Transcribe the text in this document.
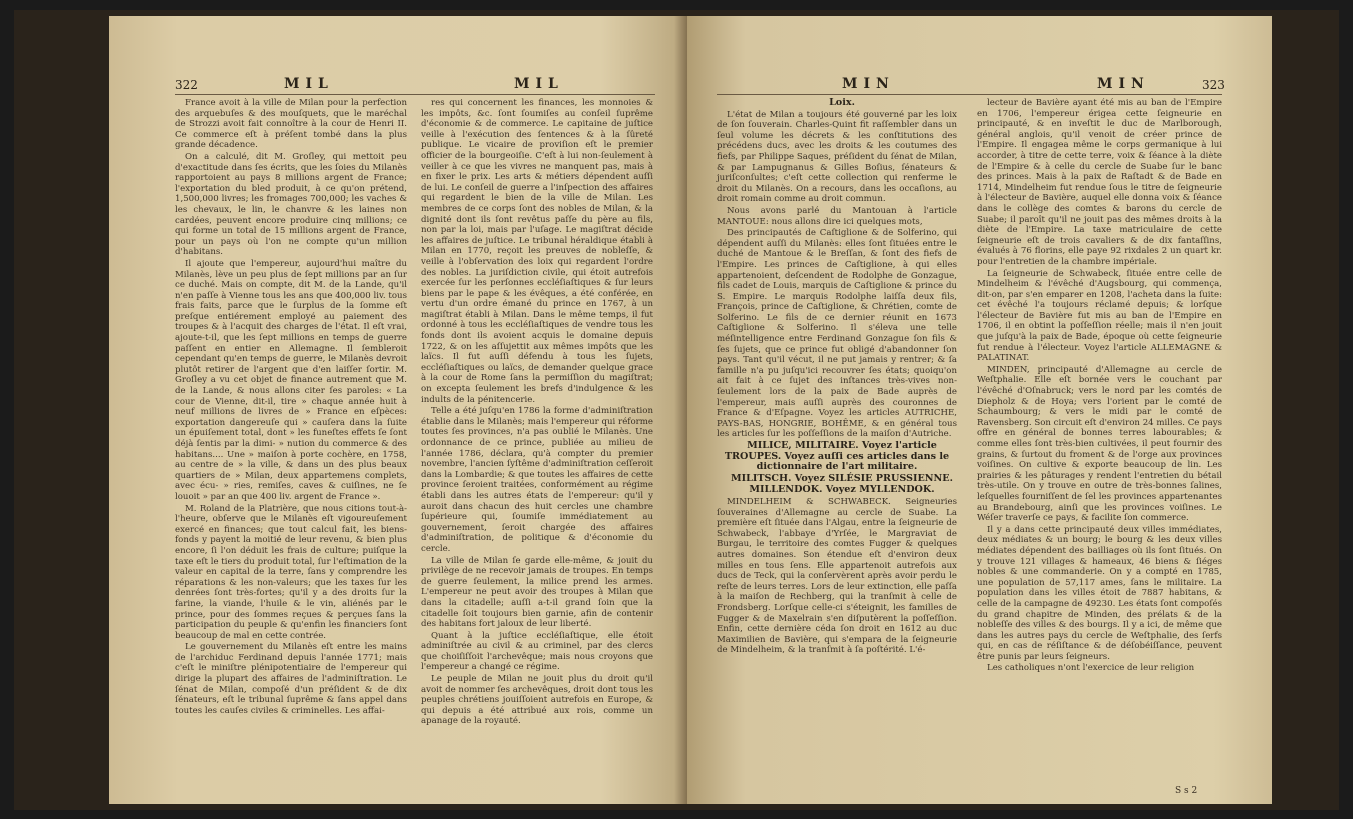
322	MIL	MIL

France avoit à la ville de Milan pour la perfection des arquebuſes & des mouſquets, que le maréchal de Strozzi avoit fait connoître à la cour de Henri II. Ce commerce eſt à préſent tombé dans la plus grande décadence.

On a calculé, dit M. Groſley, qui mettoit peu d'exactitude dans ſes écrits, que les ſoies du Milanès rapportoient au pays 8 millions argent de France; l'exportation du bled produit, à ce qu'on prétend, 1,500,000 livres; les fromages 700,000; les vaches & les chevaux, le lin, le chanvre & les laines non cardées, peuvent encore produire cinq millions; ce qui forme un total de 15 millions argent de France, pour un pays où l'on ne compte qu'un million d'habitans.

Il ajoute que l'empereur, aujourd'hui maître du Milanès, lève un peu plus de ſept millions par an ſur ce duché. Mais on compte, dit M. de la Lande, qu'il n'en paſſe à Vienne tous les ans que 400,000 liv. tous frais faits, parce que le ſurplus de la ſomme eſt preſque entiérement employé au paiement des troupes & à l'acquit des charges de l'état. Il eſt vrai, ajoute-t-il, que les ſept millions en temps de guerre paſſent en entier en Allemagne. Il ſembleroit cependant qu'en temps de guerre, le Milanès devroit plutôt retirer de l'argent que d'en laiſſer ſortir. M. Groſley a vu cet objet de finance autrement que M. de la Lande, & nous allons citer ſes paroles: « La cour de Vienne, dit-il, tire » chaque année huit à neuf millions de livres de » France en eſpèces: exportation dangereuſe qui » cauſera dans la ſuite un épuiſement total, dont » les funeſtes effets ſe ſont déjà ſentis par la dimi- » nution du commerce & des habitans.... Une » maiſon à porte cochère, en 1758, au centre de » la ville, & dans un des plus beaux quartiers de » Milan, deux appartemens complets, avec écu- » ries, remiſes, caves & cuiſines, ne ſe louoit » par an que 400 liv. argent de France ».

M. Roland de la Platrière, que nous citions tout-à-l'heure, obſerve que le Milanès eſt vigoureuſement exercé en finances; que tout calcul fait, les biens-fonds y payent la moitié de leur revenu, & bien plus encore, ſi l'on déduit les frais de culture; puiſque la taxe eſt le tiers du produit total, ſur l'eſtimation de la valeur en capital de la terre, ſans y comprendre les réparations & les non-valeurs; que les taxes ſur les denrées ſont très-fortes; qu'il y a des droits ſur la farine, la viande, l'huile & le vin, aliénés par le prince, pour des ſommes reçues & perçues ſans la participation du peuple & qu'enfin les financiers ſont beaucoup de mal en cette contrée.

Le gouvernement du Milanès eſt entre les mains de l'archiduc Ferdinand depuis l'année 1771; mais c'eſt le miniſtre plénipotentiaire de l'empereur qui dirige la plupart des affaires de l'adminiſtration. Le ſénat de Milan, compoſé d'un préſident & de dix ſénateurs, eſt le tribunal ſuprême & ſans appel dans toutes les cauſes civiles & criminelles. Les affai-

res qui concernent les finances, les monnoies & les impôts, &c. ſont ſoumiſes au conſeil ſuprême d'économie & de commerce. Le capitaine de juſtice veille à l'exécution des ſentences & à la ſûreté publique. Le vicaire de proviſion eſt le premier officier de la bourgeoiſie. C'eſt à lui non-ſeulement à veiller à ce que les vivres ne manquent pas, mais à en fixer le prix. Les arts & métiers dépendent auſſi de lui. Le conſeil de guerre a l'inſpection des affaires qui regardent le bien de la ville de Milan. Les membres de ce corps ſont des nobles de Milan, & la dignité dont ils ſont revêtus paſſe du père au fils, non par la loi, mais par l'uſage. Le magiſtrat décide les affaires de juſtice. Le tribunal héraldique établi à Milan en 1770, reçoit les preuves de nobleſſe, & veille à l'obſervation des loix qui regardent l'ordre des nobles. La juriſdiction civile, qui étoit autrefois exercée ſur les perſonnes eccléſiaſtiques & ſur leurs biens par le pape & les évêques, a été conférée, en vertu d'un ordre émané du prince en 1767, à un magiſtrat établi à Milan. Dans le même temps, il fut ordonné à tous les eccléſiaſtiques de vendre tous les fonds dont ils avoient acquis le domaine depuis 1722, & on les aſſujettit aux mêmes impôts que les laïcs. Il fut auſſi défendu à tous les ſujets, eccléſiaſtiques ou laïcs, de demander quelque grace à la cour de Rome ſans la permiſſion du magiſtrat; on excepta ſeulement les brefs d'indulgence & les indults de la pénitencerie.

Telle a été juſqu'en 1786 la forme d'adminiſtration établie dans le Milanès; mais l'empereur qui réforme toutes ſes provinces, n'a pas oublié le Milanès. Une ordonnance de ce prince, publiée au milieu de l'année 1786, déclara, qu'à compter du premier novembre, l'ancien ſyſtême d'adminiſtration ceſſeroit dans la Lombardie; & que toutes les affaires de cette province ſeroient traitées, conformément au régime établi dans les autres états de l'empereur: qu'il y auroit dans chacun des huit cercles une chambre ſupérieure qui, ſoumiſe immédiatement au gouvernement, ſeroit chargée des affaires d'adminiſtration, de politique & d'économie du cercle.

La ville de Milan ſe garde elle-même, & jouit du privilège de ne recevoir jamais de troupes. En temps de guerre ſeulement, la milice prend les armes. L'empereur ne peut avoir des troupes à Milan que dans la citadelle; auſſi a-t-il grand ſoin que la citadelle ſoit toujours bien garnie, afin de contenir des habitans fort jaloux de leur liberté.

Quant à la juſtice eccléſiaſtique, elle étoit adminiſtrée au civil & au criminel, par des clercs que choiſiſſoit l'archevêque; mais nous croyons que l'empereur a changé ce régime.

Le peuple de Milan ne jouit plus du droit qu'il avoit de nommer ſes archevêques, droit dont tous les peuples chrétiens jouiſſoient autrefois en Europe, & qui depuis a été attribué aux rois, comme un apanage de la royauté.

MIN	MIN	323

Loix.

L'état de Milan a toujours été gouverné par les loix de ſon ſouverain. Charles-Quint fit raſſembler dans un ſeul volume les décrets & les conſtitutions des précédens ducs, avec les droits & les coutumes des fiefs, par Philippe Saques, préſident du ſénat de Milan, & par Lampugnanus & Gilles Boſius, ſénateurs & juriſconſultes; c'eſt cette collection qui renferme le droit du Milanès. On a recours, dans les occaſions, au droit romain comme au droit commun.

Nous avons parlé du Mantouan à l'article MANTOUE: nous allons dire ici quelques mots,

Des principautés de Caſtiglione & de Solferino, qui dépendent auſſi du Milanès: elles ſont ſituées entre le duché de Mantoue & le Breſſan, & ſont des fiefs de l'Empire. Les princes de Caſtiglione, à qui elles appartenoient, deſcendent de Rodolphe de Gonzague, fils cadet de Louis, marquis de Caſtiglione & prince du S. Empire. Le marquis Rodolphe laiſſa deux fils, François, prince de Caſtiglione, & Chrétien, comte de Solferino. Le fils de ce dernier réunit en 1673 Caſtiglione & Solferino. Il s'éleva une telle méſintelligence entre Ferdinand Gonzague ſon fils & ſes ſujets, que ce prince fut obligé d'abandonner ſon pays. Tant qu'il vécut, il ne put jamais y rentrer; & ſa famille n'a pu juſqu'ici recouvrer ſes états; quoiqu'on ait fait à ce ſujet des inſtances très-vives non-ſeulement lors de la paix de Bade auprès de l'empereur, mais auſſi auprès des couronnes de France & d'Eſpagne. Voyez les articles AUTRICHE, PAYS-BAS, HONGRIE, BOHÊME, & en général tous les articles ſur les poſſeſſions de la maiſon d'Autriche.

MILICE, MILITAIRE. Voyez l'article TROUPES. Voyez auſſi ces articles dans le dictionnaire de l'art militaire.

MILITSCH. Voyez SILÉSIE PRUSSIENNE.

MILLENDOK. Voyez MYLLENDOK.

MINDELHEIM & SCHWABECK. Seigneuries ſouveraines d'Allemagne au cercle de Suabe. La première eſt ſituée dans l'Algau, entre la ſeigneurie de Schwabeck, l'abbaye d'Yrſée, le Margraviat de Burgau, le territoire des comtes Fugger & quelques autres domaines. Son étendue eſt d'environ deux milles en tous ſens. Elle appartenoit autrefois aux ducs de Teck, qui la conſervèrent après avoir perdu le reſte de leurs terres. Lors de leur extinction, elle paſſa à la maiſon de Rechberg, qui la tranſmit à celle de Frondsberg. Lorſque celle-ci s'éteignit, les familles de Fugger & de Maxelrain s'en diſputèrent la poſſeſſion. Enfin, cette dernière céda ſon droit en 1612 au duc Maximilien de Bavière, qui s'empara de la ſeigneurie de Mindelheim, & la tranſmit à ſa poſtérité. L'é-

lecteur de Bavière ayant été mis au ban de l'Empire en 1706, l'empereur érigea cette ſeigneurie en principauté, & en inveſtit le duc de Marlborough, général anglois, qu'il venoit de créer prince de l'Empire. Il engagea même le corps germanique à lui accorder, à titre de cette terre, voix & ſéance à la diète de l'Empire & à celle du cercle de Suabe ſur le banc des princes. Mais à la paix de Raſtadt & de Bade en 1714, Mindelheim fut rendue ſous le titre de ſeigneurie à l'électeur de Bavière, auquel elle donna voix & ſéance dans le collège des comtes & barons du cercle de Suabe; il paroît qu'il ne jouit pas des mêmes droits à la diète de l'Empire. La taxe matriculaire de cette ſeigneurie eſt de trois cavaliers & de dix fantaſſins, évalués à 76 florins, elle paye 92 rixdales 2 un quart kr. pour l'entretien de la chambre impériale.

La ſeigneurie de Schwabeck, ſituée entre celle de Mindelheim & l'évêché d'Augsbourg, qui commença, dit-on, par s'en emparer en 1208, l'acheta dans la ſuite: cet évêché l'a toujours réclamé depuis; & lorſque l'électeur de Bavière fut mis au ban de l'Empire en 1706, il en obtint la poſſeſſion réelle; mais il n'en jouit que juſqu'à la paix de Bade, époque où cette ſeigneurie fut rendue à l'électeur. Voyez l'article ALLEMAGNE & PALATINAT.

MINDEN, principauté d'Allemagne au cercle de Weſtphalie. Elle eſt bornée vers le couchant par l'évêché d'Oſnabruck; vers le nord par les comtés de Diepholz & de Hoya; vers l'orient par le comté de Schaumbourg; & vers le midi par le comté de Ravensberg. Son circuit eſt d'environ 24 milles. Ce pays offre en général de bonnes terres labourables; & comme elles ſont très-bien cultivées, il peut fournir des grains, & ſurtout du froment & de l'orge aux provinces voiſines. On cultive & exporte beaucoup de lin. Les prairies & les pâturages y rendent l'entretien du bétail très-utile. On y trouve en outre de très-bonnes ſalines, leſquelles fourniſſent de ſel les provinces appartenantes au Brandebourg, ainſi que les provinces voiſines. Le Wéſer traverſe ce pays, & facilite ſon commerce.

Il y a dans cette principauté deux villes immédiates, deux médiates & un bourg; le bourg & les deux villes médiates dépendent des bailliages où ils ſont ſitués. On y trouve 121 villages & hameaux, 46 biens & ſiéges nobles & une commanderie. On y a compté en 1785, une population de 57,117 ames, ſans le militaire. La population dans les villes étoit de 7887 habitans, & celle de la campagne de 49230. Les états ſont compoſés du grand chapitre de Minden, des prélats & de la nobleſſe des villes & des bourgs. Il y a ici, de même que dans les autres pays du cercle de Weſtphalie, des ſerfs qui, en cas de réſiſtance & de déſobéiſſance, peuvent être punis par leurs ſeigneurs.

Les catholiques n'ont l'exercice de leur religion

S s 2
